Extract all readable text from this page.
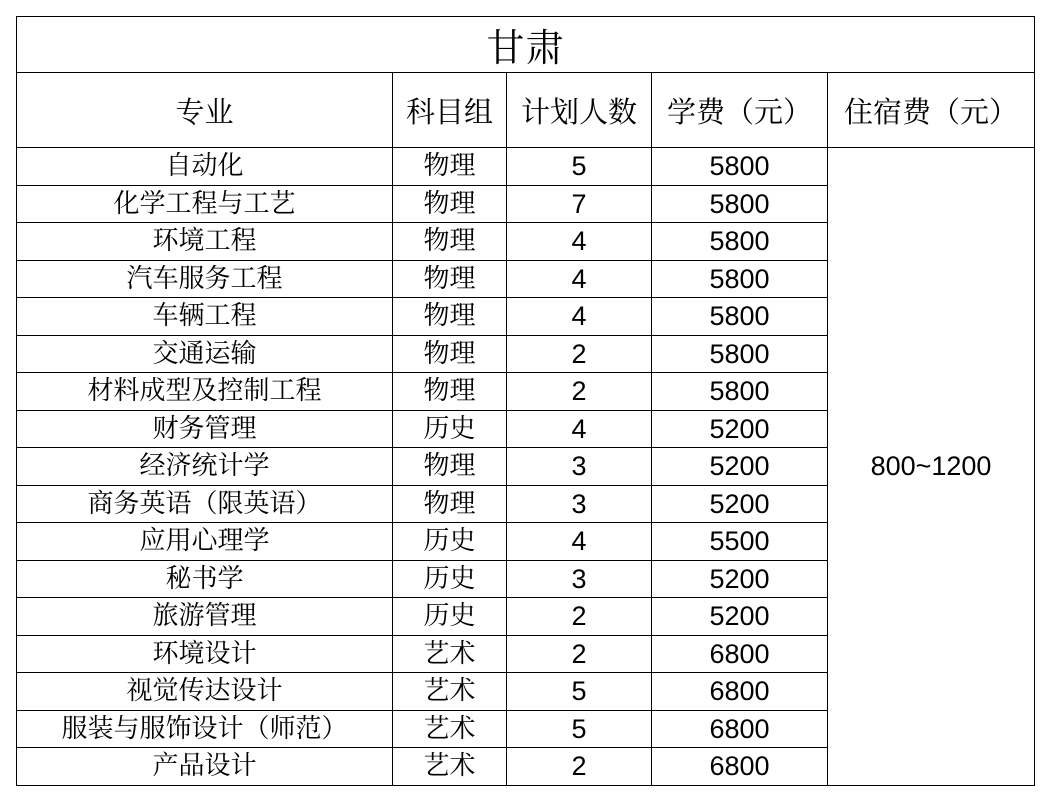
甘肃				
专业	科目组	计划人数	学费（元）	住宿费（元）
自动化	物理	5	5800	800~1200
化学工程与工艺	物理	7	5800	
环境工程	物理	4	5800	
汽车服务工程	物理	4	5800	
车辆工程	物理	4	5800	
交通运输	物理	2	5800	
材料成型及控制工程	物理	2	5800	
财务管理	历史	4	5200	
经济统计学	物理	3	5200	
商务英语（限英语）	物理	3	5200	
应用心理学	历史	4	5500	
秘书学	历史	3	5200	
旅游管理	历史	2	5200	
环境设计	艺术	2	6800	
视觉传达设计	艺术	5	6800	
服装与服饰设计（师范）	艺术	5	6800	
产品设计	艺术	2	6800	
